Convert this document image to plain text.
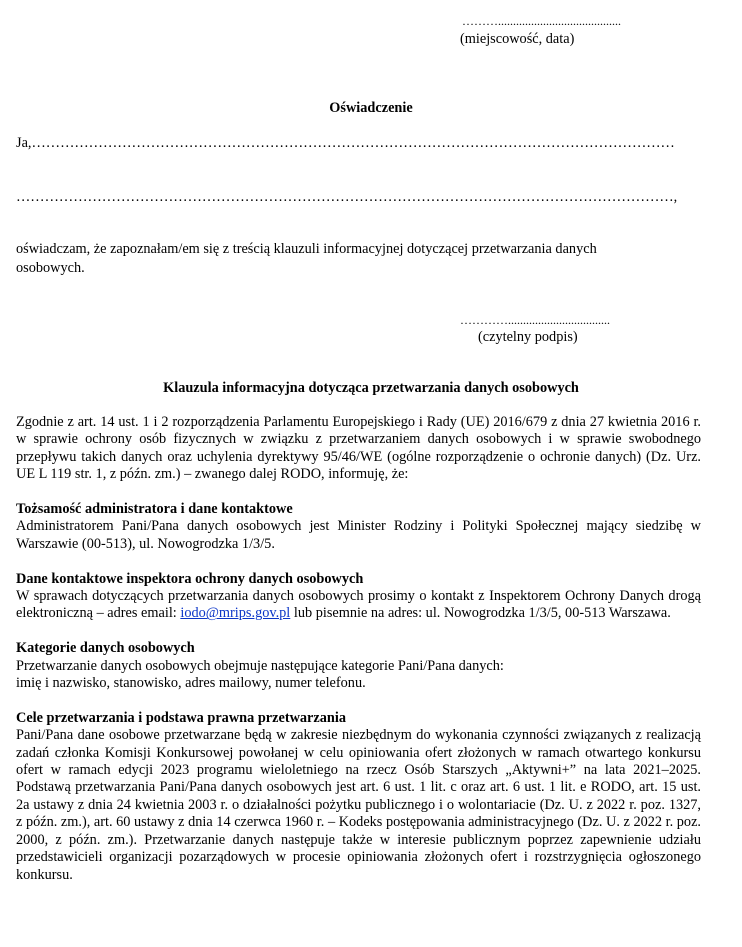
……….........................................
(miejscowość, data)
Oświadczenie
Ja,………………………………………………………………………………………………………………………
…………………………………………………………………………………………………………………………,
oświadczam, że zapoznałam/em się z treścią klauzuli informacyjnej dotyczącej przetwarzania danych osobowych.
…………..................................
(czytelny podpis)
Klauzula informacyjna dotycząca przetwarzania danych osobowych

Zgodnie z art. 14 ust. 1 i 2 rozporządzenia Parlamentu Europejskiego i Rady (UE) 2016/679 z dnia 27 kwietnia 2016 r. w sprawie ochrony osób fizycznych w związku z przetwarzaniem danych osobowych i w sprawie swobodnego przepływu takich danych oraz uchylenia dyrektywy 95/46/WE (ogólne rozporządzenie o ochronie danych) (Dz. Urz. UE L 119 str. 1, z późn. zm.) – zwanego dalej RODO, informuję, że:

Tożsamość administratora i dane kontaktowe

Administratorem Pani/Pana danych osobowych jest Minister Rodziny i Polityki Społecznej mający siedzibę w Warszawie (00-513), ul. Nowogrodzka 1/3/5.

Dane kontaktowe inspektora ochrony danych osobowych

W sprawach dotyczących przetwarzania danych osobowych prosimy o kontakt z Inspektorem Ochrony Danych drogą elektroniczną – adres email: iodo@mrips.gov.pl lub pisemnie na adres: ul. Nowogrodzka 1/3/5, 00-513 Warszawa.

Kategorie danych osobowych

Przetwarzanie danych osobowych obejmuje następujące kategorie Pani/Pana danych:

imię i nazwisko, stanowisko, adres mailowy, numer telefonu.

Cele przetwarzania i podstawa prawna przetwarzania

Pani/Pana dane osobowe przetwarzane będą w zakresie niezbędnym do wykonania czynności związanych z realizacją zadań członka Komisji Konkursowej powołanej w celu opiniowania ofert złożonych w ramach otwartego konkursu ofert w ramach edycji 2023 programu wieloletniego na rzecz Osób Starszych „Aktywni+” na lata 2021–2025. Podstawą przetwarzania Pani/Pana danych osobowych jest art. 6 ust. 1 lit. c oraz art. 6 ust. 1 lit. e RODO, art. 15 ust. 2a ustawy z dnia 24 kwietnia 2003 r. o działalności pożytku publicznego i o wolontariacie (Dz. U. z 2022 r. poz. 1327, z późn. zm.), art. 60 ustawy z dnia 14 czerwca 1960 r. – Kodeks postępowania administracyjnego (Dz. U. z 2022 r. poz. 2000, z późn. zm.). Przetwarzanie danych następuje także w interesie publicznym poprzez zapewnienie udziału przedstawicieli organizacji pozarządowych w procesie opiniowania złożonych ofert i rozstrzygnięcia ogłoszonego konkursu.
